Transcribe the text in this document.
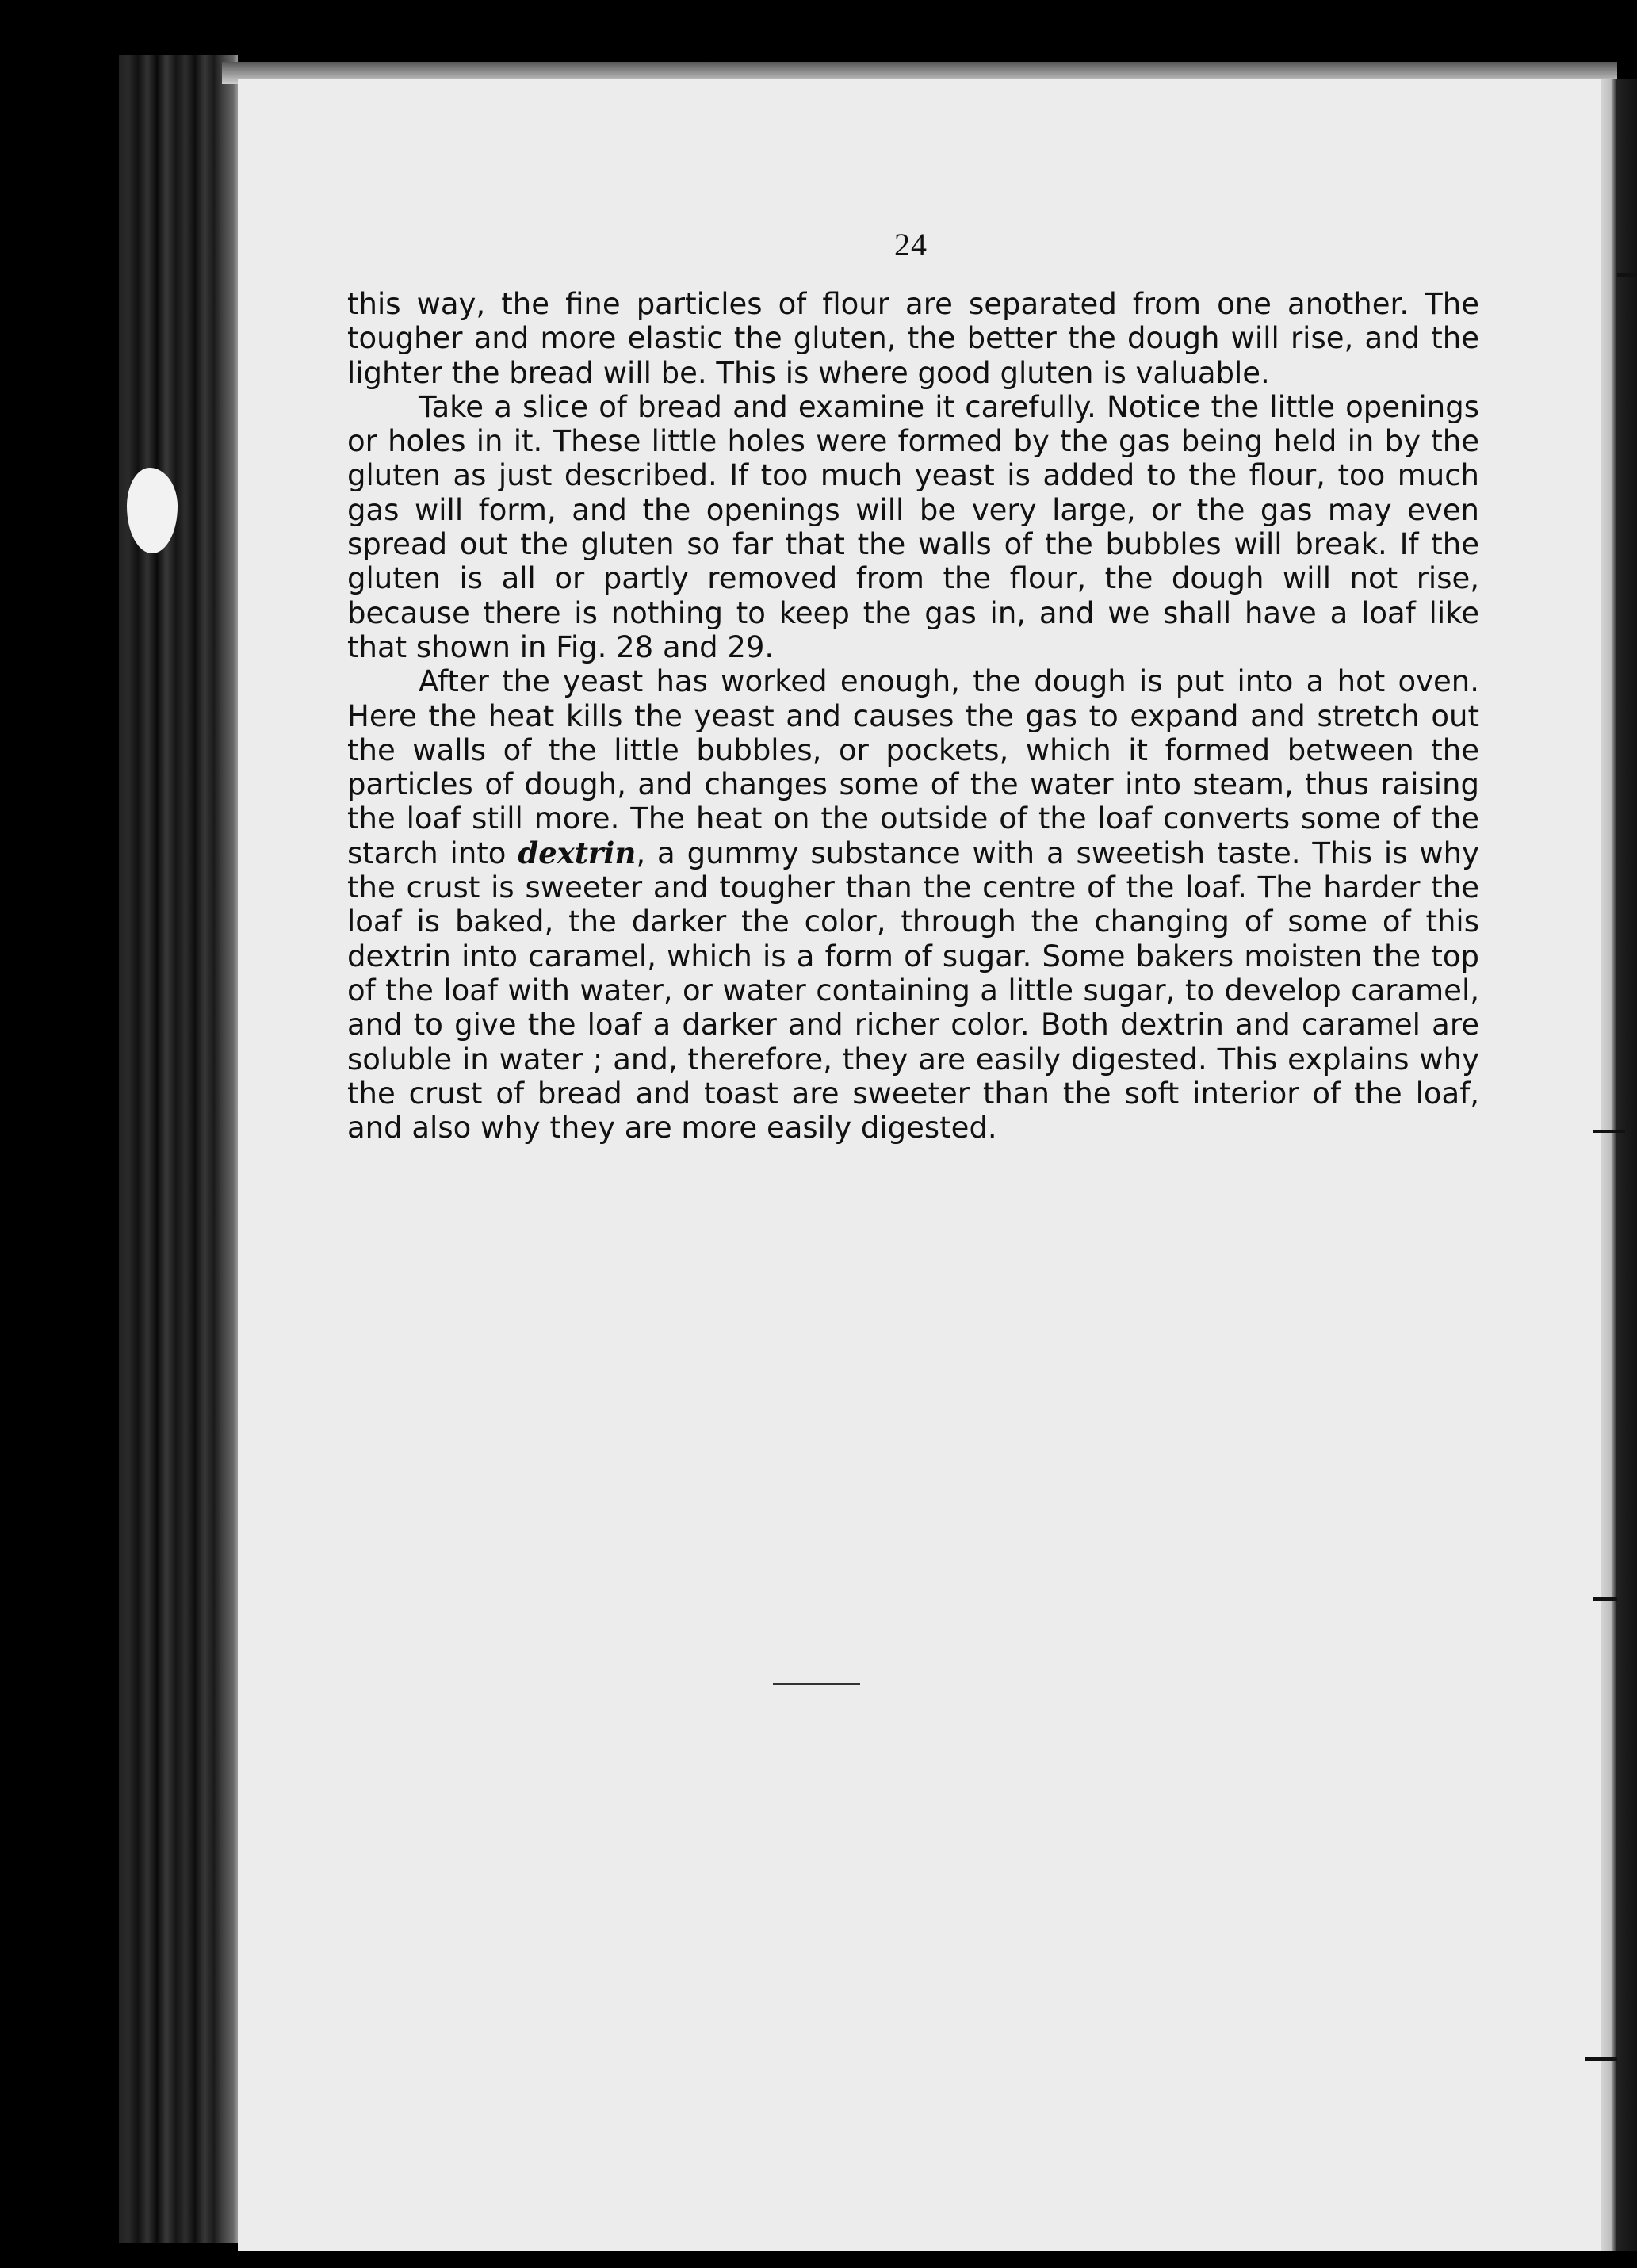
24

this way, the fine particles of flour are separated from one another. The tougher and more elastic the gluten, the better the dough will rise, and the lighter the bread will be. This is where good gluten is valuable.

Take a slice of bread and examine it carefully. Notice the little openings or holes in it. These little holes were formed by the gas being held in by the gluten as just described. If too much yeast is added to the flour, too much gas will form, and the openings will be very large, or the gas may even spread out the gluten so far that the walls of the bubbles will break. If the gluten is all or partly removed from the flour, the dough will not rise, because there is nothing to keep the gas in, and we shall have a loaf like that shown in Fig. 28 and 29.

After the yeast has worked enough, the dough is put into a hot oven. Here the heat kills the yeast and causes the gas to expand and stretch out the walls of the little bubbles, or pockets, which it formed between the particles of dough, and changes some of the water into steam, thus raising the loaf still more. The heat on the outside of the loaf converts some of the starch into dextrin, a gummy substance with a sweetish taste. This is why the crust is sweeter and tougher than the centre of the loaf. The harder the loaf is baked, the darker the color, through the changing of some of this dextrin into caramel, which is a form of sugar. Some bakers moisten the top of the loaf with water, or water containing a little sugar, to develop caramel, and to give the loaf a darker and richer color. Both dextrin and caramel are soluble in water ; and, therefore, they are easily digested. This explains why the crust of bread and toast are sweeter than the soft interior of the loaf, and also why they are more easily digested.
